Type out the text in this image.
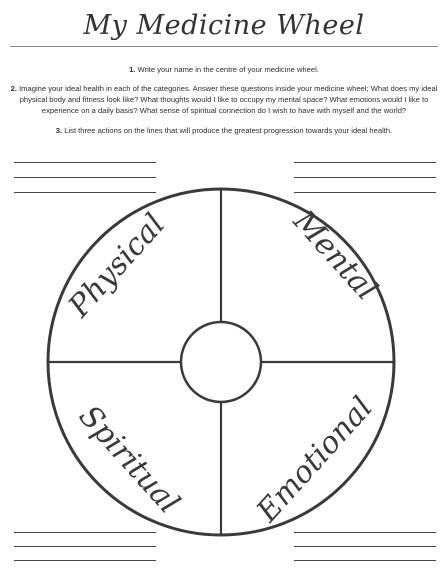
My Medicine Wheel
1. Write your name in the centre of your medicine wheel.
2. Imagine your ideal health in each of the categories. Answer these questions inside your medicine wheel; What does my ideal physical body and fitness look like? What thoughts would I like to occupy my mental space? What emotions would I like to experience on a daily basis? What sense of spiritual connection do I wish to have with myself and the world?
3. List three actions on the lines that will produce the greatest progression towards your ideal health.
Physical	Mental
Spiritual Emotional
